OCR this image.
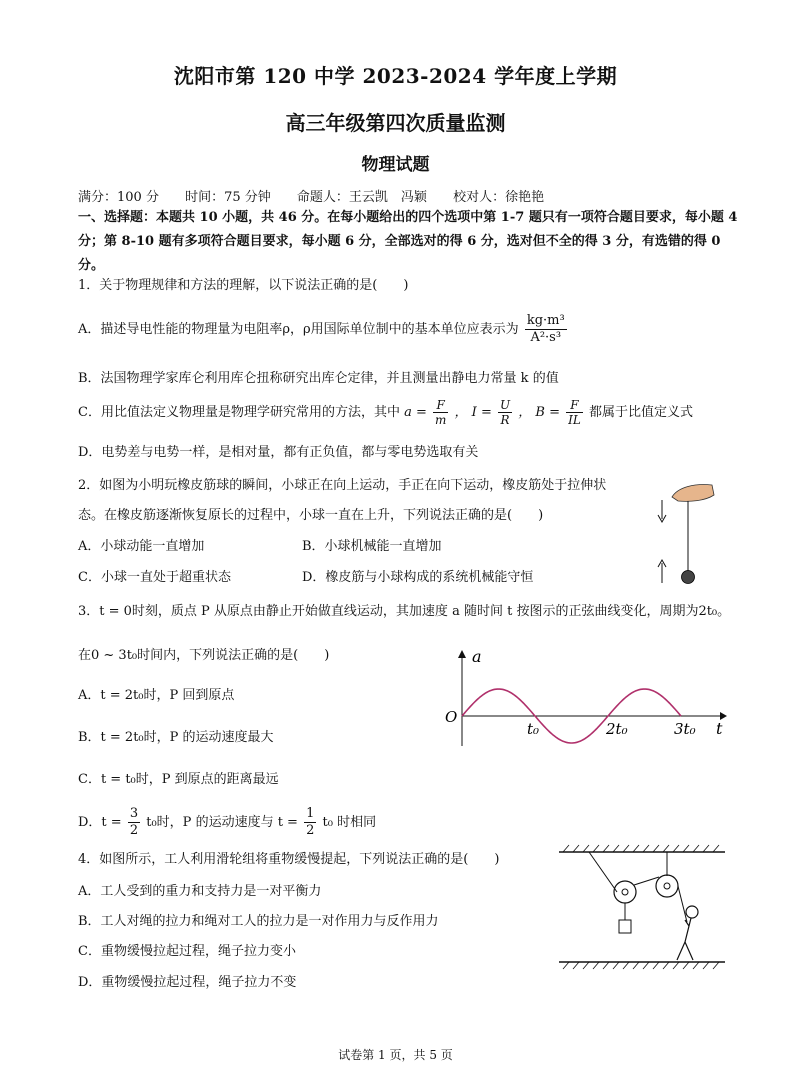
沈阳市第 120 中学 2023-2024 学年度上学期
高三年级第四次质量监测
物理试题
满分：100 分 时间：75 分钟 命题人：王云凯　冯颖 校对人：徐艳艳
一、选择题：本题共 10 小题，共 46 分。在每小题给出的四个选项中第 1-7 题只有一项符合题目要求，每小题 4 分；第 8-10 题有多项符合题目要求，每小题 6 分，全部选对的得 6 分，选对但不全的得 3 分，有选错的得 0 分。
1．关于物理规律和方法的理解，以下说法正确的是(　　)
A．描述导电性能的物理量为电阻率ρ，ρ用国际单位制中的基本单位应表示为 $\frac{\text{kg·m³}}{\text{A²·s³}}$
B．法国物理学家库仑利用库仑扭称研究出库仑定律，并且测量出静电力常量 k 的值
C．用比值法定义物理量是物理学研究常用的方法，其中 $a = \frac{F}{m}$ ， $I = \frac{U}{R}$ ， $B = \frac{F}{IL}$ 都属于比值定义式
D．电势差与电势一样，是相对量，都有正负值，都与零电势选取有关
2．如图为小明玩橡皮筋球的瞬间，小球正在向上运动，手正在向下运动，橡皮筋处于拉伸状
态。在橡皮筋逐渐恢复原长的过程中，小球一直在上升，下列说法正确的是(　　)
A．小球动能一直增加	B．小球机械能一直增加
C．小球一直处于超重状态	D．橡皮筋与小球构成的系统机械能守恒
3．t = 0时刻，质点 P 从原点由静止开始做直线运动，其加速度 a 随时间 t 按图示的正弦曲线变化，周期为2t₀。
在0 ~ 3t₀时间内，下列说法正确的是(　　)
A．t = 2t₀时，P 回到原点
B．t = 2t₀时，P 的运动速度最大
C．t = t₀时，P 到原点的距离最远
D．$t = \frac{3}{2} t_0$时，P 的运动速度与 $t = \frac{1}{2} t_0$ 时相同
a
t
O
t₀	2t₀	3t₀
4．如图所示，工人利用滑轮组将重物缓慢提起，下列说法正确的是(　　)
A．工人受到的重力和支持力是一对平衡力
B．工人对绳的拉力和绳对工人的拉力是一对作用力与反作用力
C．重物缓慢拉起过程，绳子拉力变小
D．重物缓慢拉起过程，绳子拉力不变
试卷第 1 页，共 5 页
